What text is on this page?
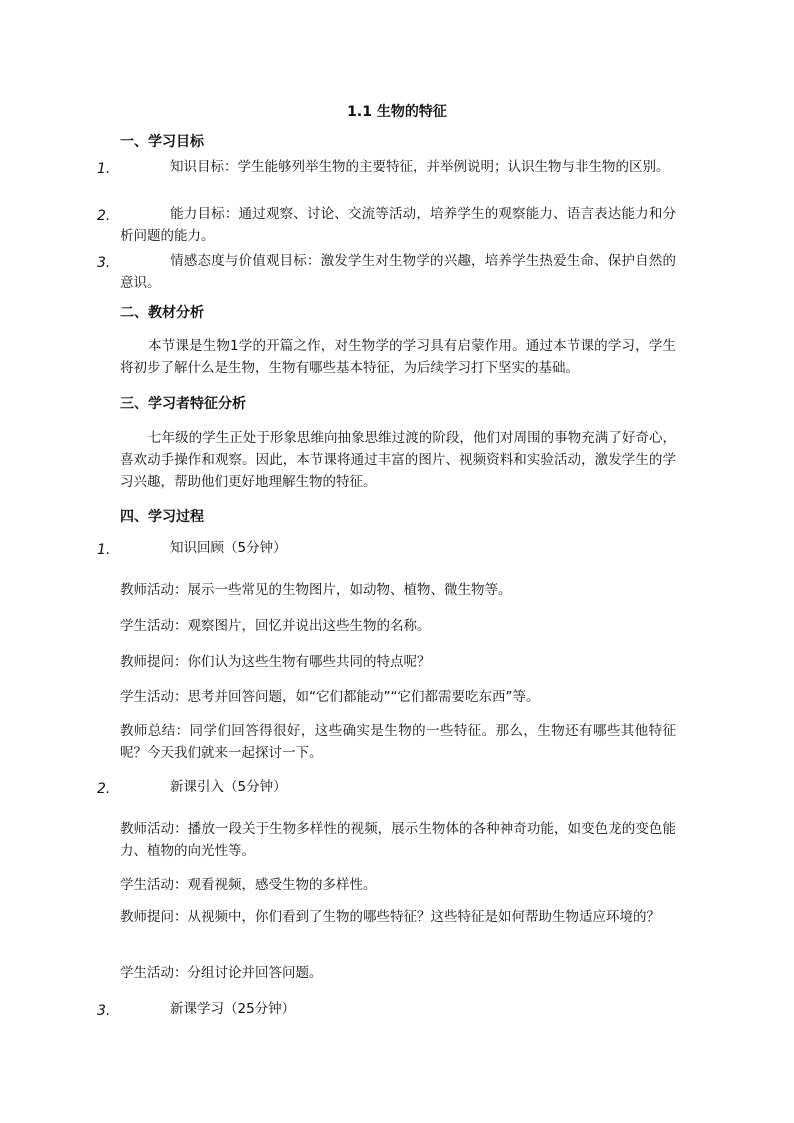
1.1 生物的特征
一、学习目标
1.	知识目标：学生能够列举生物的主要特征，并举例说明；认识生物与非生物的区别。
2.	能力目标：通过观察、讨论、交流等活动，培养学生的观察能力、语言表达能力和分析问题的能力。
3.	情感态度与价值观目标：激发学生对生物学的兴趣，培养学生热爱生命、保护自然的意识。
二、教材分析
本节课是生物1学的开篇之作，对生物学的学习具有启蒙作用。通过本节课的学习，学生将初步了解什么是生物，生物有哪些基本特征，为后续学习打下坚实的基础。
三、学习者特征分析
七年级的学生正处于形象思维向抽象思维过渡的阶段，他们对周围的事物充满了好奇心，喜欢动手操作和观察。因此，本节课将通过丰富的图片、视频资料和实验活动，激发学生的学习兴趣，帮助他们更好地理解生物的特征。
四、学习过程
1.	知识回顾（5分钟）
教师活动：展示一些常见的生物图片，如动物、植物、微生物等。
学生活动：观察图片，回忆并说出这些生物的名称。
教师提问：你们认为这些生物有哪些共同的特点呢？
学生活动：思考并回答问题，如“它们都能动”“它们都需要吃东西”等。
教师总结：同学们回答得很好，这些确实是生物的一些特征。那么，生物还有哪些其他特征呢？今天我们就来一起探讨一下。
2.	新课引入（5分钟）
教师活动：播放一段关于生物多样性的视频，展示生物体的各种神奇功能，如变色龙的变色能力、植物的向光性等。
学生活动：观看视频，感受生物的多样性。
教师提问：从视频中，你们看到了生物的哪些特征？这些特征是如何帮助生物适应环境的？
学生活动：分组讨论并回答问题。
3.	新课学习（25分钟）
